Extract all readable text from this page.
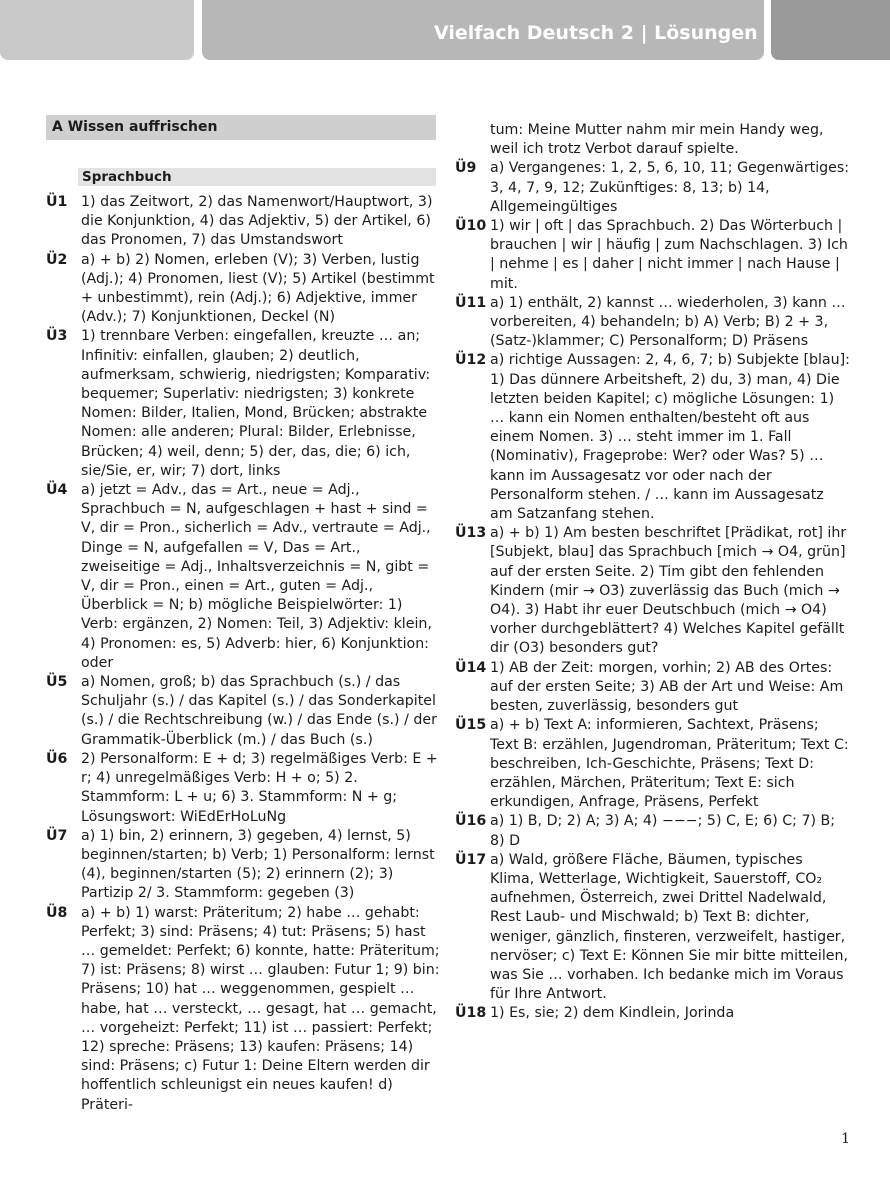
Vielfach Deutsch 2 | Lösungen
A Wissen auffrischen
Sprachbuch
Ü1 1) das Zeitwort, 2) das Namenwort/Hauptwort, 3) die Konjunktion, 4) das Adjektiv, 5) der Artikel, 6) das Pronomen, 7) das Umstandswort
Ü2 a) + b) 2) Nomen, erleben (V); 3) Verben, lustig (Adj.); 4) Pronomen, liest (V); 5) Artikel (bestimmt + unbestimmt), rein (Adj.); 6) Adjektive, immer (Adv.); 7) Konjunktionen, Deckel (N)
Ü3 1) trennbare Verben: eingefallen, kreuzte … an; Infinitiv: einfallen, glauben; 2) deutlich, aufmerksam, schwierig, niedrigsten; Komparativ: bequemer; Superlativ: niedrigsten; 3) konkrete Nomen: Bilder, Italien, Mond, Brücken; abstrakte Nomen: alle anderen; Plural: Bilder, Erlebnisse, Brücken; 4) weil, denn; 5) der, das, die; 6) ich, sie/Sie, er, wir; 7) dort, links
Ü4 a) jetzt = Adv., das = Art., neue = Adj., Sprachbuch = N, aufgeschlagen + hast + sind = V, dir = Pron., sicherlich = Adv., vertraute = Adj., Dinge = N, aufgefallen = V, Das = Art., zweiseitige = Adj., Inhaltsverzeichnis = N, gibt = V, dir = Pron., einen = Art., guten = Adj., Überblick = N; b) mögliche Beispielwörter: 1) Verb: ergänzen, 2) Nomen: Teil, 3) Adjektiv: klein, 4) Pronomen: es, 5) Adverb: hier, 6) Konjunktion: oder
Ü5 a) Nomen, groß; b) das Sprachbuch (s.) / das Schuljahr (s.) / das Kapitel (s.) / das Sonderkapitel (s.) / die Rechtschreibung (w.) / das Ende (s.) / der Grammatik-Überblick (m.) / das Buch (s.)
Ü6 2) Personalform: E + d; 3) regelmäßiges Verb: E + r; 4) unregelmäßiges Verb: H + o; 5) 2. Stammform: L + u; 6) 3. Stammform: N + g; Lösungswort: WiEdErHoLuNg
Ü7 a) 1) bin, 2) erinnern, 3) gegeben, 4) lernst, 5) beginnen/starten; b) Verb; 1) Personalform: lernst (4), beginnen/starten (5); 2) erinnern (2); 3) Partizip 2/ 3. Stammform: gegeben (3)
Ü8 a) + b) 1) warst: Präteritum; 2) habe … gehabt: Perfekt; 3) sind: Präsens; 4) tut: Präsens; 5) hast … gemeldet: Perfekt; 6) konnte, hatte: Präteritum; 7) ist: Präsens; 8) wirst … glauben: Futur 1; 9) bin: Präsens; 10) hat … weggenommen, gespielt … habe, hat … versteckt, … gesagt, hat … gemacht, … vorgeheizt: Perfekt; 11) ist … passiert: Perfekt; 12) spreche: Präsens; 13) kaufen: Präsens; 14) sind: Präsens; c) Futur 1: Deine Eltern werden dir hoffentlich schleunigst ein neues kaufen! d) Präteri-
tum: Meine Mutter nahm mir mein Handy weg, weil ich trotz Verbot darauf spielte.
Ü9 a) Vergangenes: 1, 2, 5, 6, 10, 11; Gegenwärtiges: 3, 4, 7, 9, 12; Zukünftiges: 8, 13; b) 14, Allgemeingültiges
Ü10 1) wir | oft | das Sprachbuch. 2) Das Wörterbuch | brauchen | wir | häufig | zum Nachschlagen. 3) Ich | nehme | es | daher | nicht immer | nach Hause | mit.
Ü11 a) 1) enthält, 2) kannst … wiederholen, 3) kann … vorbereiten, 4) behandeln; b) A) Verb; B) 2 + 3, (Satz-)klammer; C) Personalform; D) Präsens
Ü12 a) richtige Aussagen: 2, 4, 6, 7; b) Subjekte [blau]: 1) Das dünnere Arbeitsheft, 2) du, 3) man, 4) Die letzten beiden Kapitel; c) mögliche Lösungen: 1) … kann ein Nomen enthalten/besteht oft aus einem Nomen. 3) … steht immer im 1. Fall (Nominativ), Frageprobe: Wer? oder Was? 5) … kann im Aussagesatz vor oder nach der Personalform stehen. / … kann im Aussagesatz am Satzanfang stehen.
Ü13 a) + b) 1) Am besten beschriftet [Prädikat, rot] ihr [Subjekt, blau] das Sprachbuch [mich → O4, grün] auf der ersten Seite. 2) Tim gibt den fehlenden Kindern (mir → O3) zuverlässig das Buch (mich → O4). 3) Habt ihr euer Deutschbuch (mich → O4) vorher durchgeblättert? 4) Welches Kapitel gefällt dir (O3) besonders gut?
Ü14 1) AB der Zeit: morgen, vorhin; 2) AB des Ortes: auf der ersten Seite; 3) AB der Art und Weise: Am besten, zuverlässig, besonders gut
Ü15 a) + b) Text A: informieren, Sachtext, Präsens; Text B: erzählen, Jugendroman, Präteritum; Text C: beschreiben, Ich-Geschichte, Präsens; Text D: erzählen, Märchen, Präteritum; Text E: sich erkundigen, Anfrage, Präsens, Perfekt
Ü16 a) 1) B, D; 2) A; 3) A; 4) −−−; 5) C, E; 6) C; 7) B; 8) D
Ü17 a) Wald, größere Fläche, Bäumen, typisches Klima, Wetterlage, Wichtigkeit, Sauerstoff, CO₂ aufnehmen, Österreich, zwei Drittel Nadelwald, Rest Laub- und Mischwald; b) Text B: dichter, weniger, gänzlich, finsteren, verzweifelt, hastiger, nervöser; c) Text E: Können Sie mir bitte mitteilen, was Sie … vorhaben. Ich bedanke mich im Voraus für Ihre Antwort.
Ü18 1) Es, sie; 2) dem Kindlein, Jorinda
1
